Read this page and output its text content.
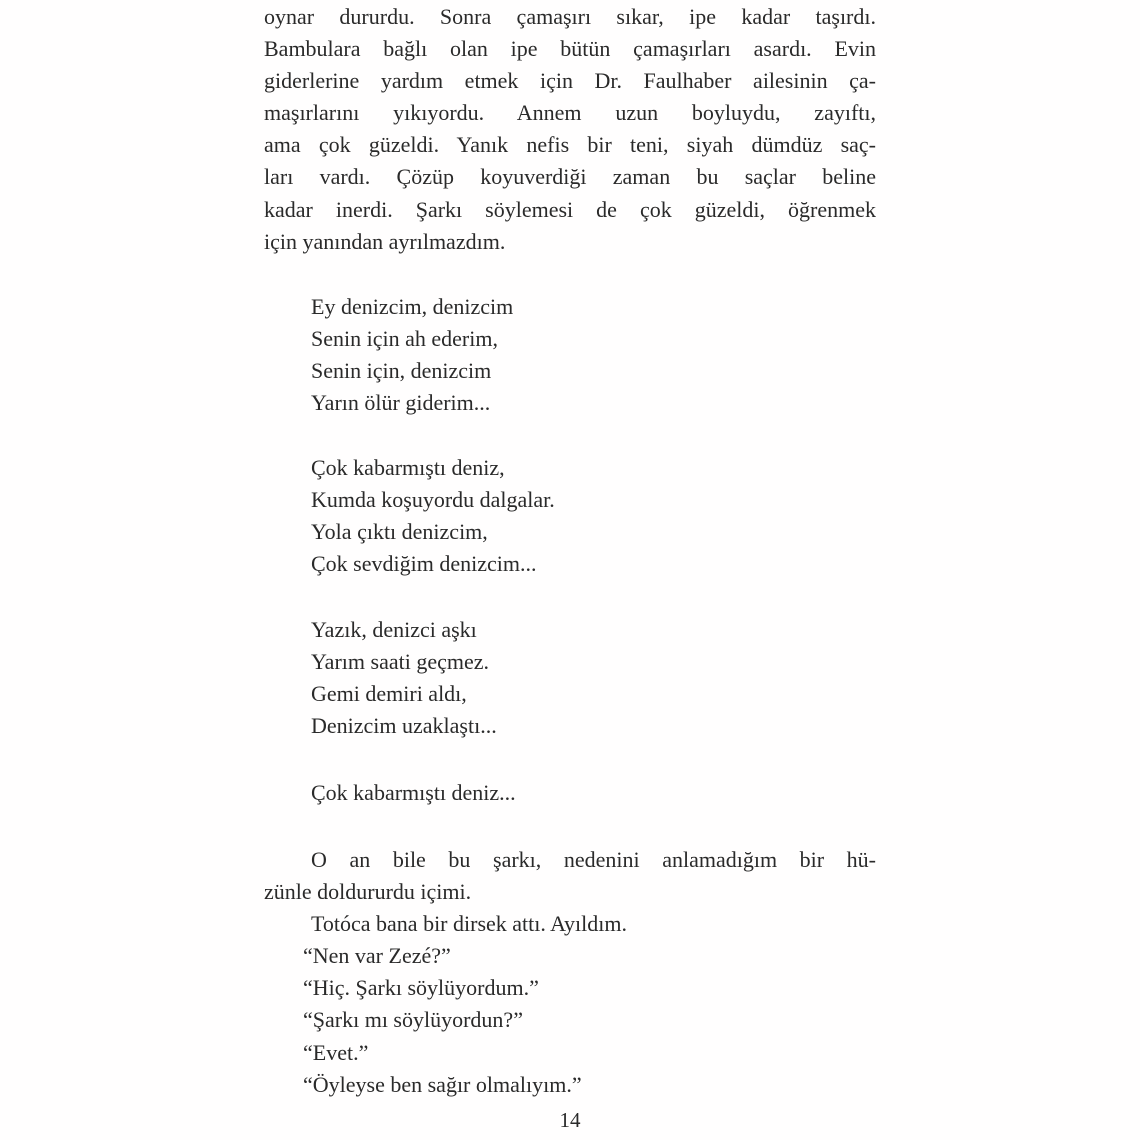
oynar dururdu. Sonra çamaşırı sıkar, ipe kadar taşırdı.
Bambulara bağlı olan ipe bütün çamaşırları asardı. Evin
giderlerine yardım etmek için Dr. Faulhaber ailesinin ça-
maşırlarını yıkıyordu. Annem uzun boyluydu, zayıftı,
ama çok güzeldi. Yanık nefis bir teni, siyah dümdüz saç-
ları vardı. Çözüp koyuverdiği zaman bu saçlar beline
kadar inerdi. Şarkı söylemesi de çok güzeldi, öğrenmek
için yanından ayrılmazdım.
Ey denizcim, denizcim
Senin için ah ederim,
Senin için, denizcim
Yarın ölür giderim...
Çok kabarmıştı deniz,
Kumda koşuyordu dalgalar.
Yola çıktı denizcim,
Çok sevdiğim denizcim...
Yazık, denizci aşkı
Yarım saati geçmez.
Gemi demiri aldı,
Denizcim uzaklaştı...
Çok kabarmıştı deniz...
O an bile bu şarkı, nedenini anlamadığım bir hü-
zünle doldururdu içimi.
Totóca bana bir dirsek attı. Ayıldım.
“Nen var Zezé?”
“Hiç. Şarkı söylüyordum.”
“Şarkı mı söylüyordun?”
“Evet.”
“Öyleyse ben sağır olmalıyım.”
14
